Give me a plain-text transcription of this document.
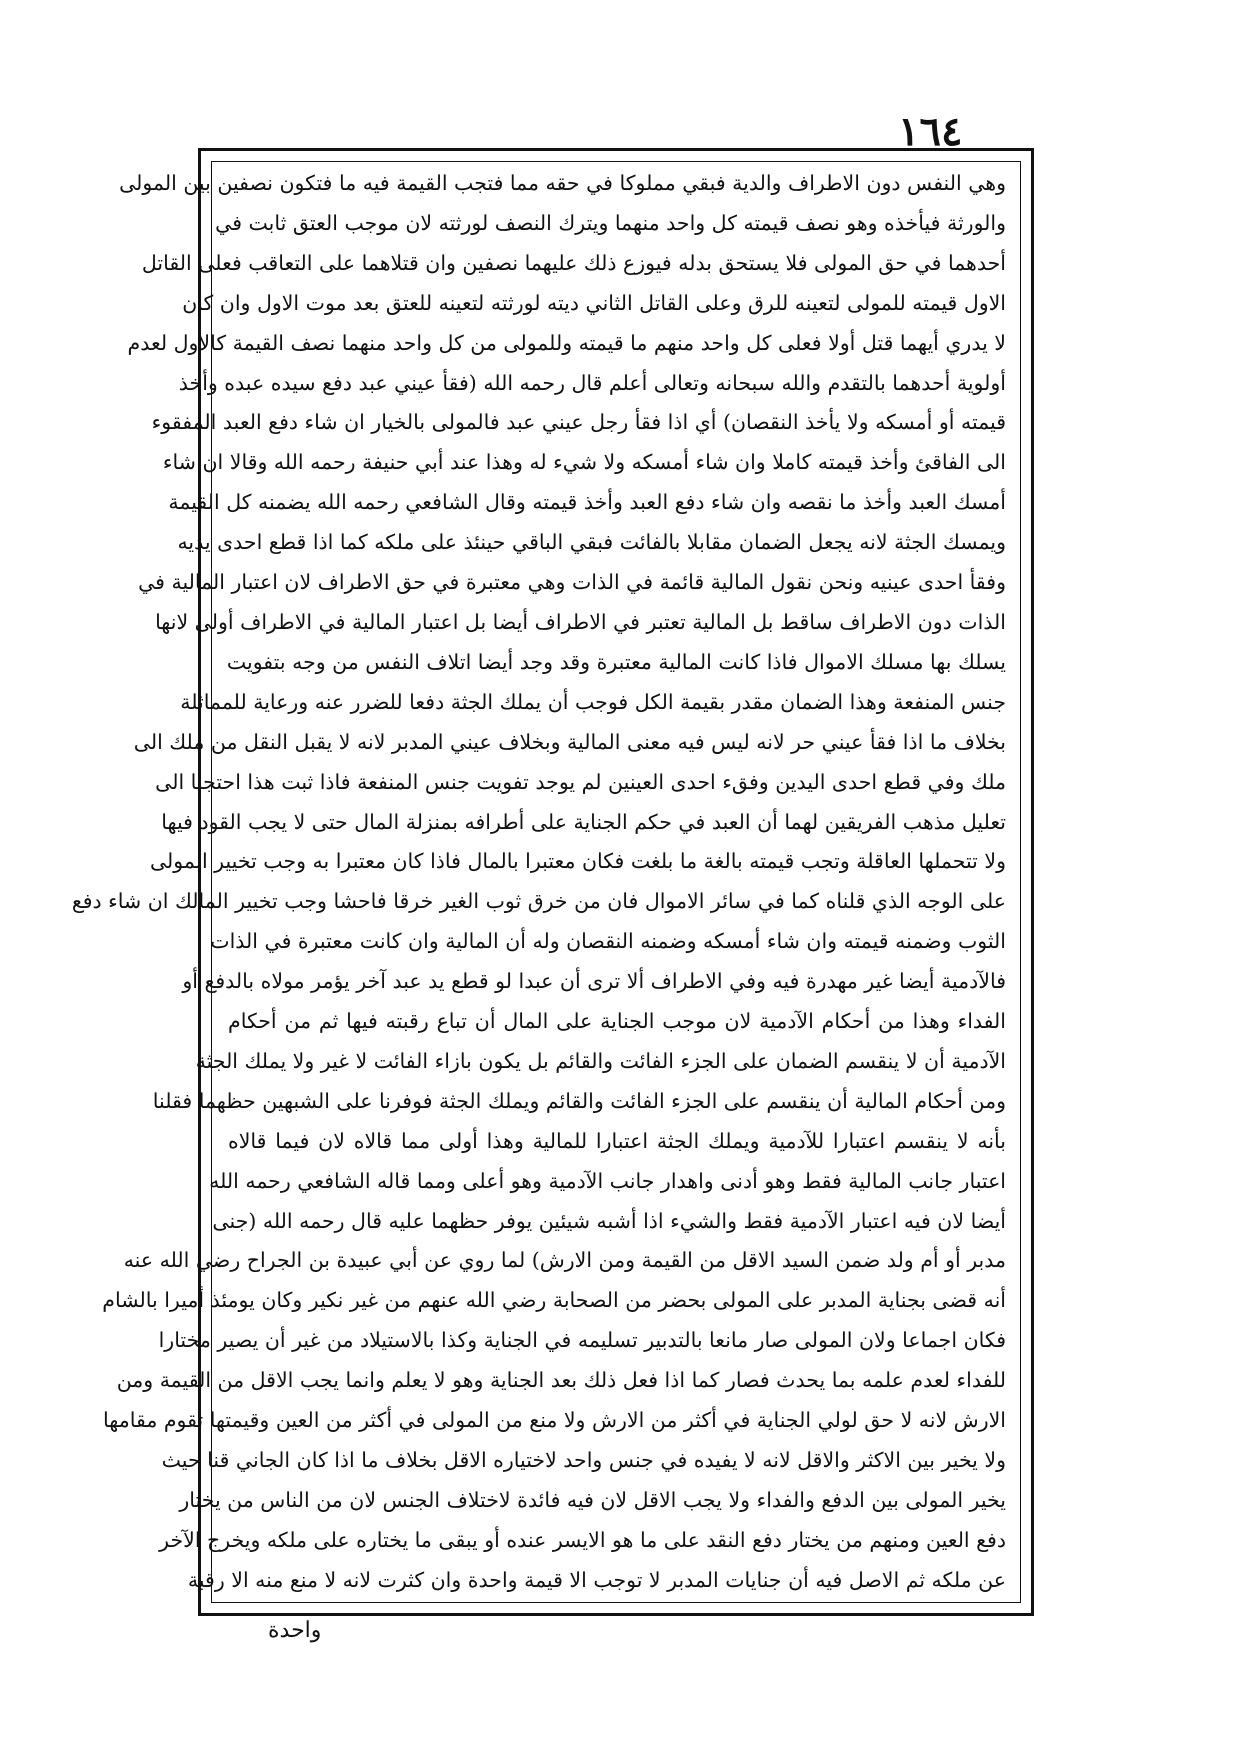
١٦٤
وهي النفس دون الاطراف والدية فبقي مملوكا في حقه مما فتجب القيمة فيه ما فتكون نصفين بين المولى
والورثة فيأخذه وهو نصف قيمته كل واحد منهما ويترك النصف لورثته لان موجب العتق ثابت في
أحدهما في حق المولى فلا يستحق بدله فيوزع ذلك عليهما نصفين وان قتلاهما على التعاقب فعلى القاتل
الاول قيمته للمولى لتعينه للرق وعلى القاتل الثاني ديته لورثته لتعينه للعتق بعد موت الاول وان كان
لا يدري أيهما قتل أولا فعلى كل واحد منهم ما قيمته وللمولى من كل واحد منهما نصف القيمة كالاول لعدم
أولوية أحدهما بالتقدم والله سبحانه وتعالى أعلم قال رحمه الله (فقأ عيني عبد دفع سيده عبده وأخذ
قيمته أو أمسكه ولا يأخذ النقصان) أي اذا فقأ رجل عيني عبد فالمولى بالخيار ان شاء دفع العبد المفقوء
الى الفاقئ وأخذ قيمته كاملا وان شاء أمسكه ولا شيء له وهذا عند أبي حنيفة رحمه الله وقالا ان شاء
أمسك العبد وأخذ ما نقصه وان شاء دفع العبد وأخذ قيمته وقال الشافعي رحمه الله يضمنه كل القيمة
ويمسك الجثة لانه يجعل الضمان مقابلا بالفائت فبقي الباقي حينئذ على ملكه كما اذا قطع احدى يديه
وفقأ احدى عينيه ونحن نقول المالية قائمة في الذات وهي معتبرة في حق الاطراف لان اعتبار المالية في
الذات دون الاطراف ساقط بل المالية تعتبر في الاطراف أيضا بل اعتبار المالية في الاطراف أولى لانها
يسلك بها مسلك الاموال فاذا كانت المالية معتبرة وقد وجد أيضا اتلاف النفس من وجه بتفويت
جنس المنفعة وهذا الضمان مقدر بقيمة الكل فوجب أن يملك الجثة دفعا للضرر عنه ورعاية للمماثلة
بخلاف ما اذا فقأ عيني حر لانه ليس فيه معنى المالية وبخلاف عيني المدبر لانه لا يقبل النقل من ملك الى
ملك وفي قطع احدى اليدين وفقء احدى العينين لم يوجد تفويت جنس المنفعة فاذا ثبت هذا احتجنا الى
تعليل مذهب الفريقين لهما أن العبد في حكم الجناية على أطرافه بمنزلة المال حتى لا يجب القود فيها
ولا تتحملها العاقلة وتجب قيمته بالغة ما بلغت فكان معتبرا بالمال فاذا كان معتبرا به وجب تخيير المولى
على الوجه الذي قلناه كما في سائر الاموال فان من خرق ثوب الغير خرقا فاحشا وجب تخيير المالك ان شاء دفع
الثوب وضمنه قيمته وان شاء أمسكه وضمنه النقصان وله أن المالية وان كانت معتبرة في الذات
فالآدمية أيضا غير مهدرة فيه وفي الاطراف ألا ترى أن عبدا لو قطع يد عبد آخر يؤمر مولاه بالدفع أو
الفداء وهذا من أحكام الآدمية لان موجب الجناية على المال أن تباع رقبته فيها ثم من أحكام
الآدمية أن لا ينقسم الضمان على الجزء الفائت والقائم بل يكون بازاء الفائت لا غير ولا يملك الجثة
ومن أحكام المالية أن ينقسم على الجزء الفائت والقائم ويملك الجثة فوفرنا على الشبهين حظهما فقلنا
بأنه لا ينقسم اعتبارا للآدمية ويملك الجثة اعتبارا للمالية وهذا أولى مما قالاه لان فيما قالاه
اعتبار جانب المالية فقط وهو أدنى واهدار جانب الآدمية وهو أعلى ومما قاله الشافعي رحمه الله
أيضا لان فيه اعتبار الآدمية فقط والشيء اذا أشبه شيئين يوفر حظهما عليه قال رحمه الله (جنى
مدبر أو أم ولد ضمن السيد الاقل من القيمة ومن الارش) لما روي عن أبي عبيدة بن الجراح رضي الله عنه
أنه قضى بجناية المدبر على المولى بحضر من الصحابة رضي الله عنهم من غير نكير وكان يومئذ أميرا بالشام
فكان اجماعا ولان المولى صار مانعا بالتدبير تسليمه في الجناية وكذا بالاستيلاد من غير أن يصير مختارا
للفداء لعدم علمه بما يحدث فصار كما اذا فعل ذلك بعد الجناية وهو لا يعلم وانما يجب الاقل من القيمة ومن
الارش لانه لا حق لولي الجناية في أكثر من الارش ولا منع من المولى في أكثر من العين وقيمتها تقوم مقامها
ولا يخير بين الاكثر والاقل لانه لا يفيده في جنس واحد لاختياره الاقل بخلاف ما اذا كان الجاني قنا حيث
يخير المولى بين الدفع والفداء ولا يجب الاقل لان فيه فائدة لاختلاف الجنس لان من الناس من يختار
دفع العين ومنهم من يختار دفع النقد على ما هو الايسر عنده أو يبقى ما يختاره على ملكه ويخرج الآخر
عن ملكه ثم الاصل فيه أن جنايات المدبر لا توجب الا قيمة واحدة وان كثرت لانه لا منع منه الا رقبة
واحدة
